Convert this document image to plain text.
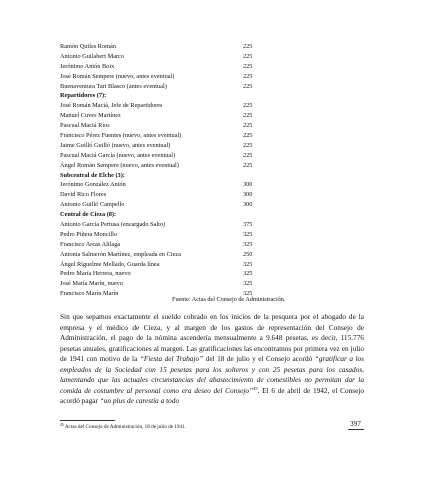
Ramón Quiles Román	225
Antonio Guilabert Marco	225
Jerónimo Antón Boix	225
José Román Sempere (nuevo, antes eventual)	225
Buenaventura Tari Blasco (antes eventual)	225
Repartidores (7):
José Román Maciá, Jefe de Repartidores	225
Manuel Cuves Martínez	225
Pascual Maciá Ríos	225
Francisco Pérez Fuentes (nuevo, antes eventual)	225
Jaime Guilló Guilló (nuevo, antes eventual)	225
Pascual Maciá García (nuevo, antes eventual)	225
Ángel Román Sempere (nuevo, antes eventual)	225
Subcentral de Elche (3):
Jerónimo González Antón	300
David Rico Flores	300
Antonio Guilló Campello	300
Central de Cieza (8):
Antonio García Pertusa (encargado Salto)	375
Pedro Piñera Moncillo	325
Francisco Arcas Alilaga	325
Antonia Salmerón Martínez, empleada en Cieza	250
Ángel Ríguelme Mellado, Guarda línea	325
Pedro María Herrera, nuevo	325
José María Marín, nuevo	325
Francisco Marín Marín	325
Fuente: Actas del Consejo de Administración.
Sin que sepamos exactamente el sueldo cobrado en los inicios de la pesquera por el abogado de la empresa y el médico de Cieza, y al margen de los gastos de representación del Consejo de Administración, el pago de la nómina ascendería mensualmente a 9.648 pesetas, es decir, 115.776 pesetas anuales, gratificaciones al margen. Las gratificaciones las encontramos por primera vez en julio de 1941 con motivo de la “Fiesta del Trabajo” del 18 de julio y el Consejo acordó “gratificar a los empleados de la Sociedad con 15 pesetas para los solteros y con 25 pesetas para los casados, lamentando que las actuales circunstancias del abastecimiento de comestibles no permitan dar la comida de costumbre al personal como era deseo del Consejo”$^{45}$. El 6 de abril de 1942, el Consejo acordó pagar “un plus de carestía a todo
$^{45}$ Actas del Consejo de Administración, 18 de julio de 1941.	397
